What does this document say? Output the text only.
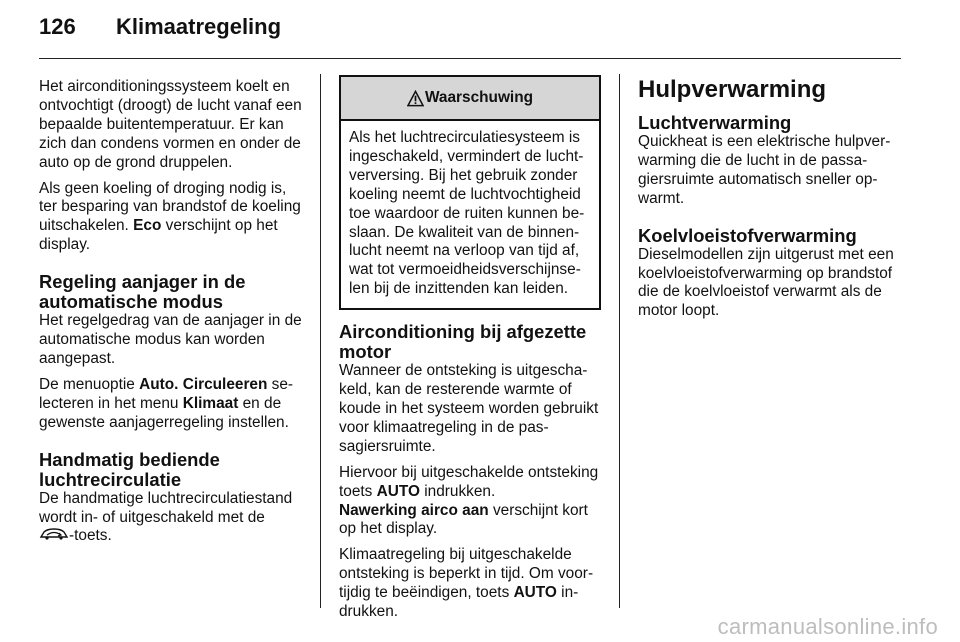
126 Klimaatregeling

Het airconditioningssysteem koelt en ontvochtigt (droogt) de lucht vanaf een bepaalde buitentemperatuur. Er kan zich dan condens vormen en onder de auto op de grond druppelen.

Als geen koeling of droging nodig is, ter besparing van brandstof de koeling uitschakelen. Eco verschijnt op het display.

Regeling aanjager in de automatische modus

Het regelgedrag van de aanjager in de automatische modus kan worden aangepast.

De menuoptie Auto. Circuleeren selecteren in het menu Klimaat en de gewenste aanjagerregeling instellen.

Handmatig bediende luchtrecirculatie

De handmatige luchtrecirculatiestand wordt in- of uitgeschakeld met de
-toets.

Waarschuwing
Als het luchtrecirculatiesysteem is ingeschakeld, vermindert de luchtverversing. Bij het gebruik zonder koeling neemt de luchtvochtigheid toe waardoor de ruiten kunnen beslaan. De kwaliteit van de binnenlucht neemt na verloop van tijd af, wat tot vermoeidheidsverschijnselen bij de inzittenden kan leiden.
Airconditioning bij afgezette motor

Wanneer de ontsteking is uitgeschakeld, kan de resterende warmte of koude in het systeem worden gebruikt voor klimaatregeling in de passagiersruimte.

Hiervoor bij uitgeschakelde ontsteking toets AUTO indrukken.

Nawerking airco aan verschijnt kort op het display.

Klimaatregeling bij uitgeschakelde ontsteking is beperkt in tijd. Om voortijdig te beëindigen, toets AUTO indrukken.

Hulpverwarming
Luchtverwarming

Quickheat is een elektrische hulpverwarming die de lucht in de passagiersruimte automatisch sneller opwarmt.

Koelvloeistofverwarming

Dieselmodellen zijn uitgerust met een koelvloeistofverwarming op brandstof die de koelvloeistof verwarmt als de motor loopt.

carmanualsonline.info
